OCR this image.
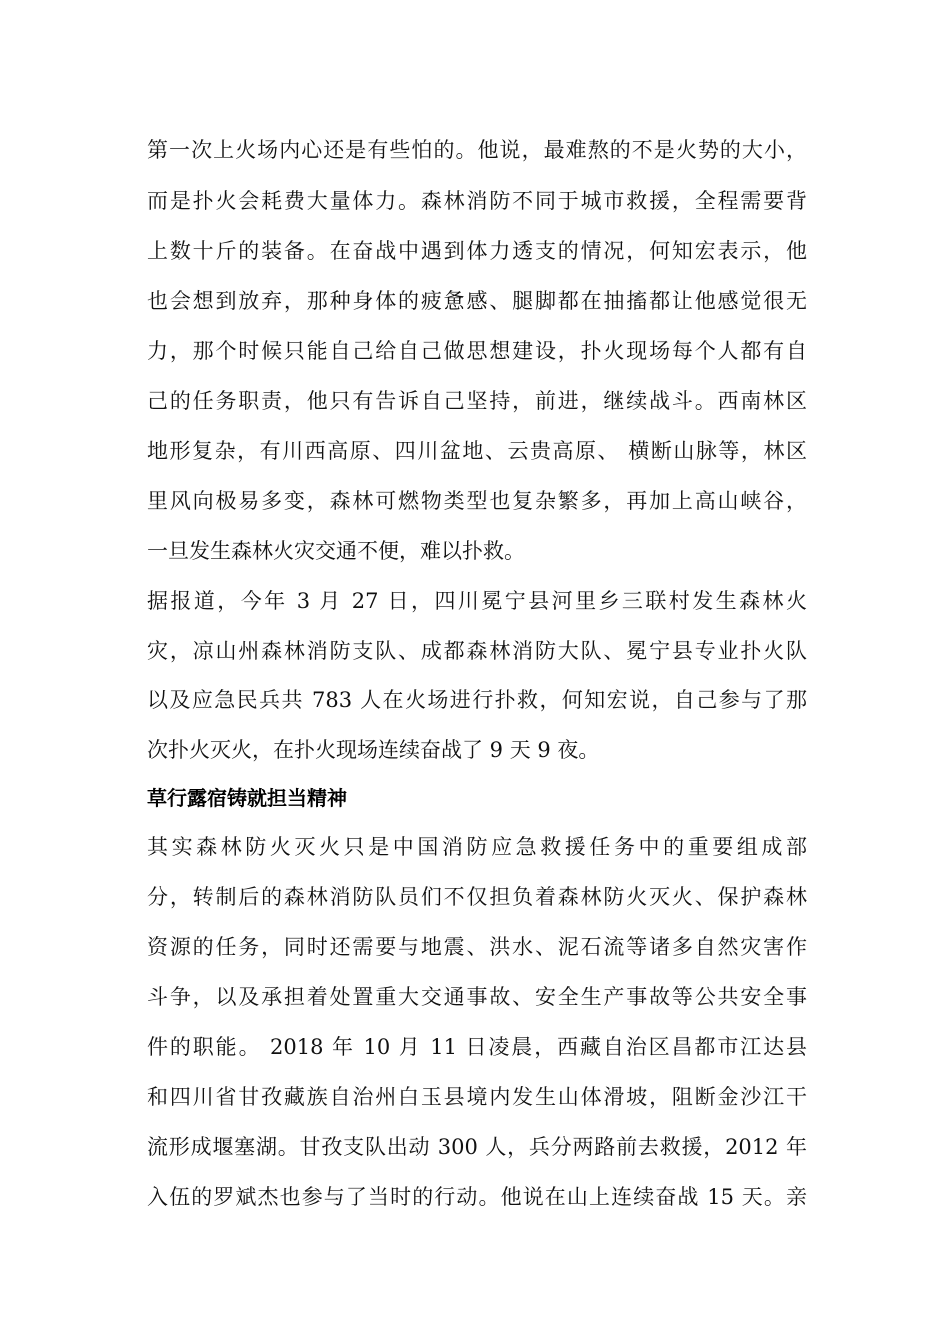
第一次上火场内心还是有些怕的。他说，最难熬的不是火势的大小，
而是扑火会耗费大量体力。森林消防不同于城市救援，全程需要背
上数十斤的装备。在奋战中遇到体力透支的情况，何知宏表示，他
也会想到放弃，那种身体的疲惫感、腿脚都在抽搐都让他感觉很无
力，那个时候只能自己给自己做思想建设，扑火现场每个人都有自
己的任务职责，他只有告诉自己坚持，前进，继续战斗。西南林区
地形复杂，有川西高原、四川盆地、云贵高原、 横断山脉等，林区
里风向极易多变，森林可燃物类型也复杂繁多，再加上高山峡谷，
一旦发生森林火灾交通不便，难以扑救。
据报道，今年 3 月 27 日，四川冕宁县河里乡三联村发生森林火
灾，凉山州森林消防支队、成都森林消防大队、冕宁县专业扑火队
以及应急民兵共 783 人在火场进行扑救，何知宏说，自己参与了那
次扑火灭火，在扑火现场连续奋战了 9 天 9 夜。
草行露宿铸就担当精神
其实森林防火灭火只是中国消防应急救援任务中的重要组成部
分，转制后的森林消防队员们不仅担负着森林防火灭火、保护森林
资源的任务，同时还需要与地震、洪水、泥石流等诸多自然灾害作
斗争，以及承担着处置重大交通事故、安全生产事故等公共安全事
件的职能。 2018 年 10 月 11 日凌晨，西藏自治区昌都市江达县
和四川省甘孜藏族自治州白玉县境内发生山体滑坡，阻断金沙江干
流形成堰塞湖。甘孜支队出动 300 人，兵分两路前去救援，2012 年
入伍的罗斌杰也参与了当时的行动。他说在山上连续奋战 15 天。亲
